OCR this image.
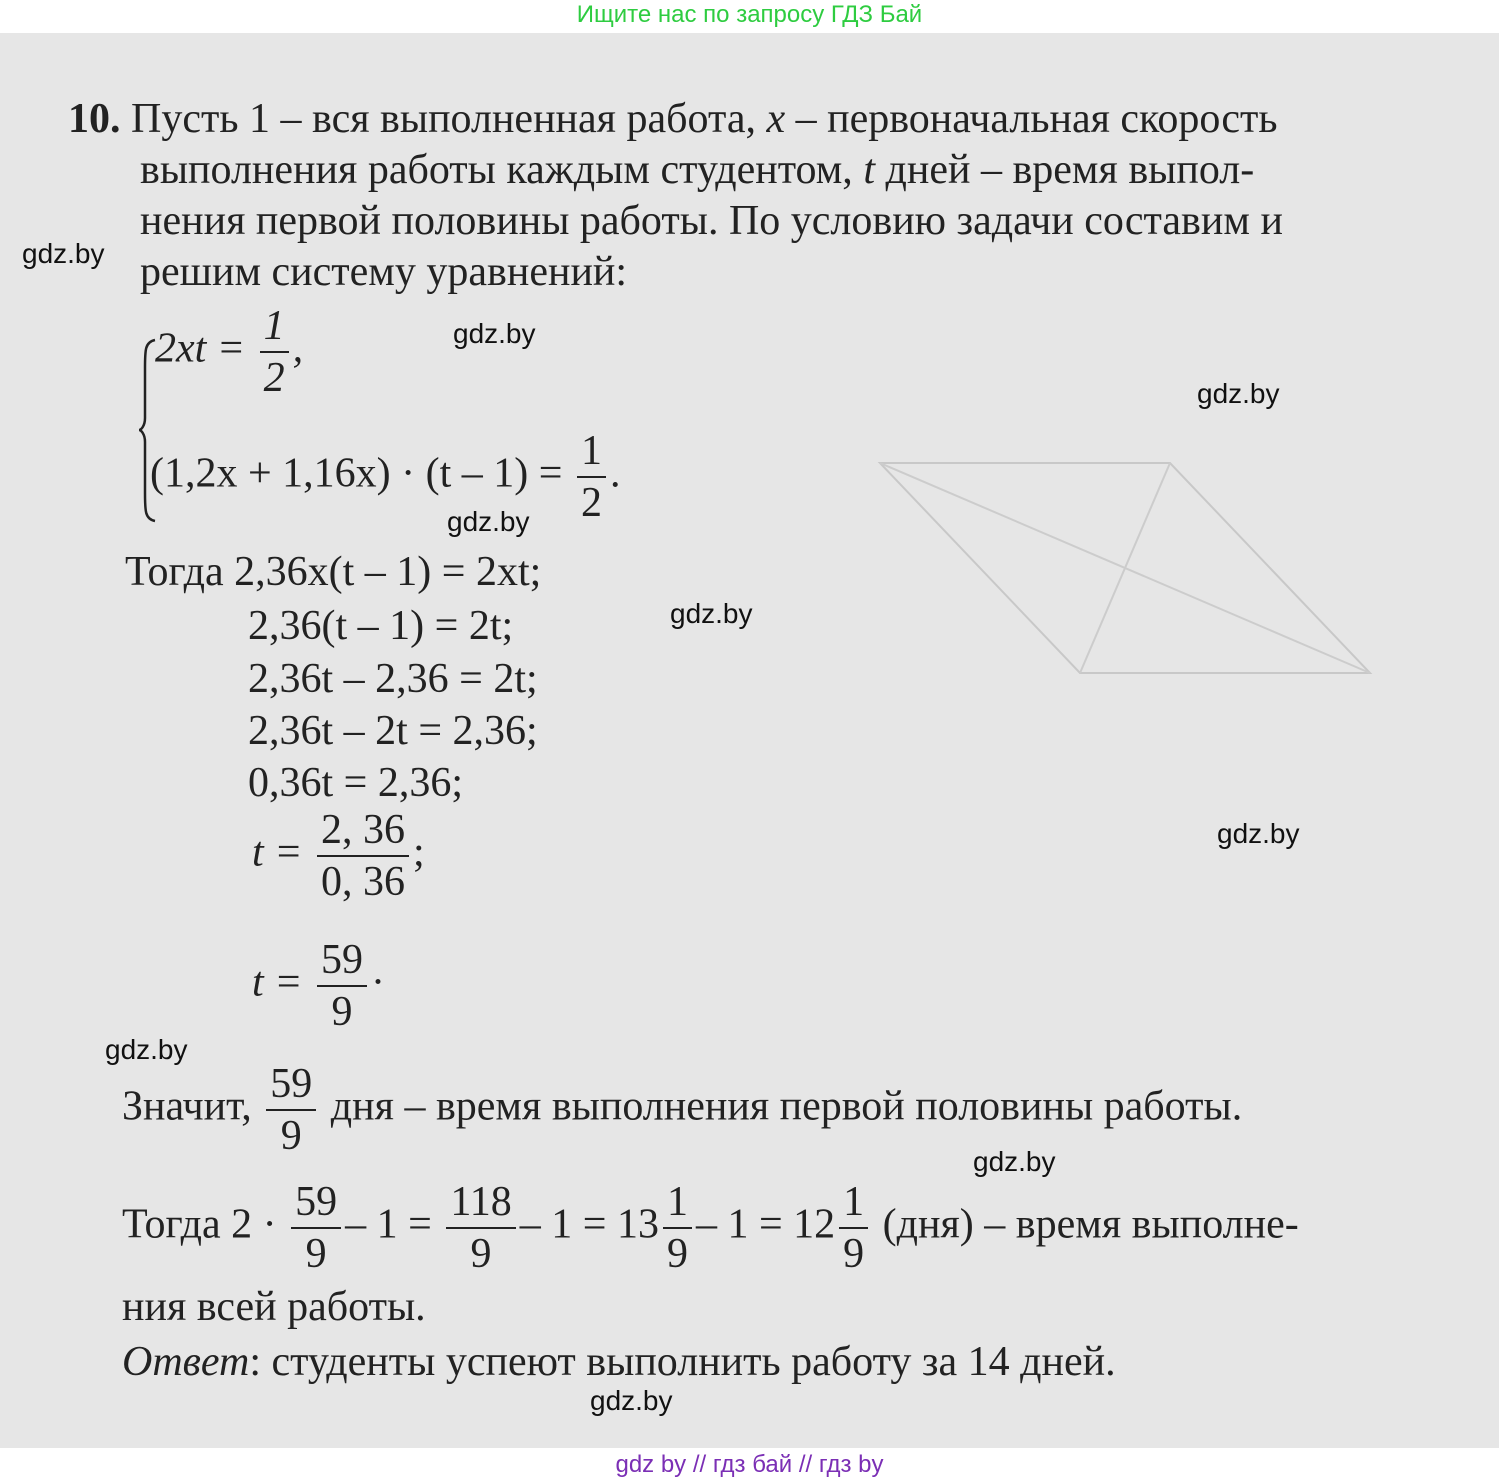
Ищите нас по запросу ГДЗ Бай
10. Пусть 1 – вся выполненная работа, x – первоначальная скорость
выполнения работы каждым студентом, t дней – время выпол-
нения первой половины работы. По условию задачи составим и
решим систему уравнений:
$2xt = \frac{1}{2}$ ,
$(1,2x + 1,16x) \cdot (t - 1) = \frac{1}{2}$ .
Тогда 2,36x(t – 1) = 2xt;
2,36(t – 1) = 2t;
2,36t – 2,36 = 2t;
2,36t – 2t = 2,36;
0,36t = 2,36;
$t = \frac{2, 36}{0, 36}$ ;
$t = \frac{59}{9}$ ·
Значит, $\frac{59}{9}$ дня – время выполнения первой половины работы.
Тогда $2 \cdot \frac{59}{9} - 1 = \frac{118}{9} - 1 = 13 \frac{1}{9} - 1 = 12 \frac{1}{9} (дня)$ – время выполне-
ния всей работы.
Ответ: студенты успеют выполнить работу за 14 дней.
gdz.by
gdz.by
gdz.by
gdz.by
gdz.by
gdz.by
gdz.by
gdz.by
gdz.by
gdz by // гдз бай // гдз by
